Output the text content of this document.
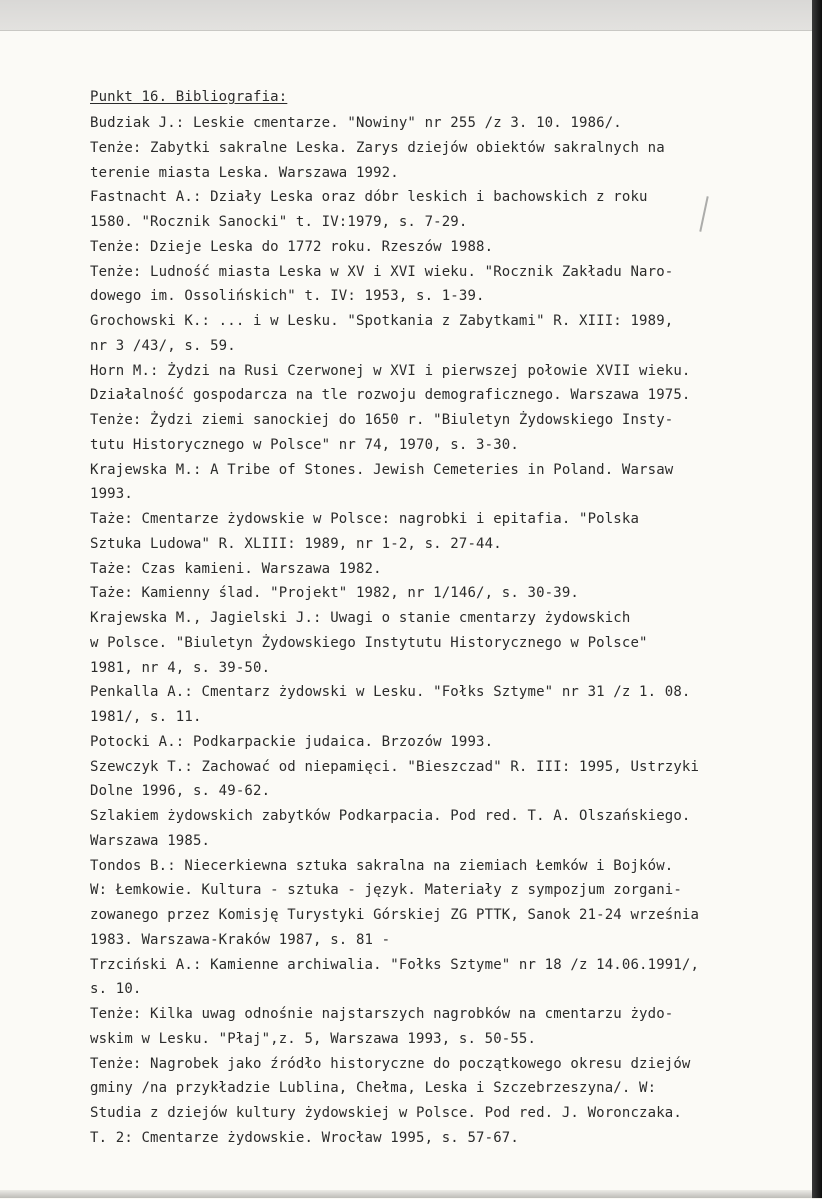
Punkt 16. Bibliografia:
Budziak J.: Leskie cmentarze. "Nowiny" nr 255 /z 3. 10. 1986/.
Tenże: Zabytki sakralne Leska. Zarys dziejów obiektów sakralnych na
terenie miasta Leska. Warszawa 1992.
Fastnacht A.: Działy Leska oraz dóbr leskich i bachowskich z roku
1580. "Rocznik Sanocki" t. IV:1979, s. 7-29.
Tenże: Dzieje Leska do 1772 roku. Rzeszów 1988.
Tenże: Ludność miasta Leska w XV i XVI wieku. "Rocznik Zakładu Naro-
dowego im. Ossolińskich" t. IV: 1953, s. 1-39.
Grochowski K.: ... i w Lesku. "Spotkania z Zabytkami" R. XIII: 1989,
nr 3 /43/, s. 59.
Horn M.: Żydzi na Rusi Czerwonej w XVI i pierwszej połowie XVII wieku.
Działalność gospodarcza na tle rozwoju demograficznego. Warszawa 1975.
Tenże: Żydzi ziemi sanockiej do 1650 r. "Biuletyn Żydowskiego Insty-
tutu Historycznego w Polsce" nr 74, 1970, s. 3-30.
Krajewska M.: A Tribe of Stones. Jewish Cemeteries in Poland. Warsaw
1993.
Taże: Cmentarze żydowskie w Polsce: nagrobki i epitafia. "Polska
Sztuka Ludowa" R. XLIII: 1989, nr 1-2, s. 27-44.
Taże: Czas kamieni. Warszawa 1982.
Taże: Kamienny ślad. "Projekt" 1982, nr 1/146/, s. 30-39.
Krajewska M., Jagielski J.: Uwagi o stanie cmentarzy żydowskich
w Polsce. "Biuletyn Żydowskiego Instytutu Historycznego w Polsce"
1981, nr 4, s. 39-50.
Penkalla A.: Cmentarz żydowski w Lesku. "Fołks Sztyme" nr 31 /z 1. 08.
1981/, s. 11.
Potocki A.: Podkarpackie judaica. Brzozów 1993.
Szewczyk T.: Zachować od niepamięci. "Bieszczad" R. III: 1995, Ustrzyki
Dolne 1996, s. 49-62.
Szlakiem żydowskich zabytków Podkarpacia. Pod red. T. A. Olszańskiego.
Warszawa 1985.
Tondos B.: Niecerkiewna sztuka sakralna na ziemiach Łemków i Bojków.
W: Łemkowie. Kultura - sztuka - język. Materiały z sympozjum zorgani-
zowanego przez Komisję Turystyki Górskiej ZG PTTK, Sanok 21-24 września
1983. Warszawa-Kraków 1987, s. 81 -
Trzciński A.: Kamienne archiwalia. "Fołks Sztyme" nr 18 /z 14.06.1991/,
s. 10.
Tenże: Kilka uwag odnośnie najstarszych nagrobków na cmentarzu żydo-
wskim w Lesku. "Płaj",z. 5, Warszawa 1993, s. 50-55.
Tenże: Nagrobek jako źródło historyczne do początkowego okresu dziejów
gminy /na przykładzie Lublina, Chełma, Leska i Szczebrzeszyna/. W:
Studia z dziejów kultury żydowskiej w Polsce. Pod red. J. Woronczaka.
T. 2: Cmentarze żydowskie. Wrocław 1995, s. 57-67.
